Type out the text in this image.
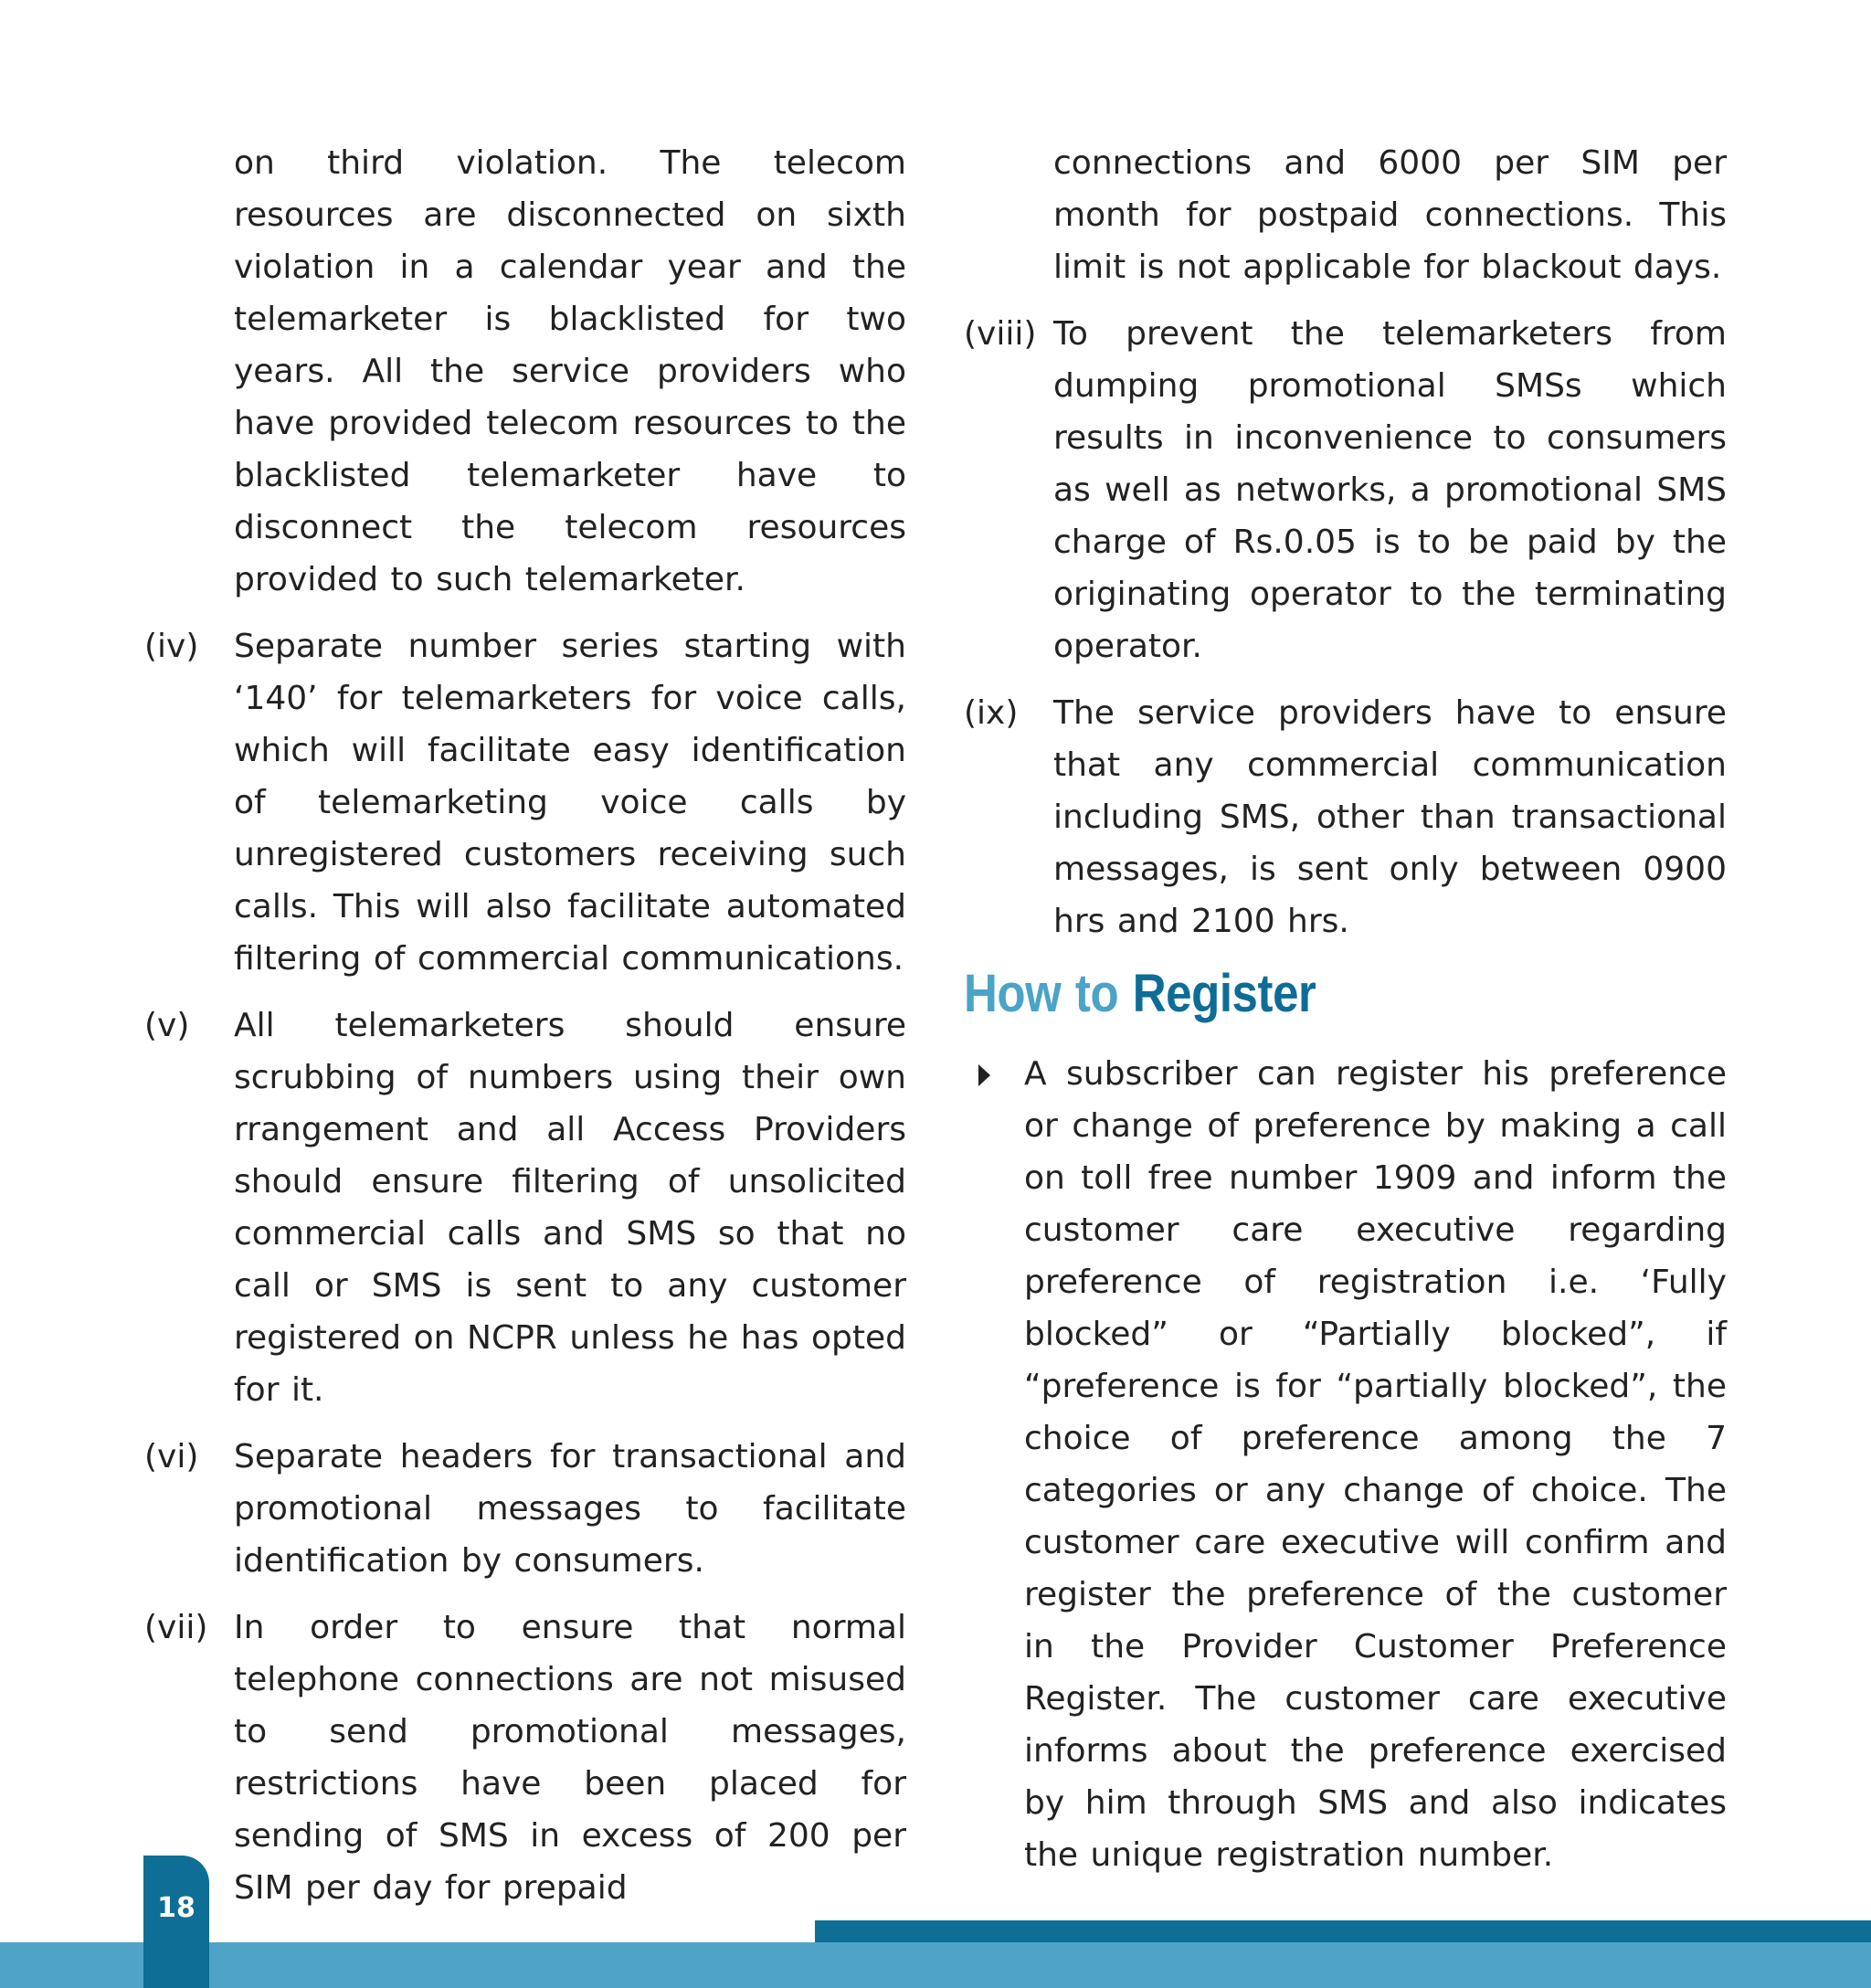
on third violation. The telecom resources are disconnected on sixth violation in a calendar year and the telemarketer is blacklisted for two years. All the service providers who have provided telecom resources to the blacklisted telemarketer have to disconnect the telecom resources provided to such telemarketer.
(iv) Separate number series starting with ‘140’ for telemarketers for voice calls, which will facilitate easy identification of telemarketing voice calls by unregistered customers receiving such calls. This will also facilitate automated filtering of commercial communications.
(v) All telemarketers should ensure scrubbing of numbers using their own rrangement and all Access Providers should ensure filtering of unsolicited commercial calls and SMS so that no call or SMS is sent to any customer registered on NCPR unless he has opted for it.
(vi) Separate headers for transactional and promotional messages to facilitate identification by consumers.
(vii) In order to ensure that normal telephone connections are not misused to send promotional messages, restrictions have been placed for sending of SMS in excess of 200 per SIM per day for prepaid
connections and 6000 per SIM per month for postpaid connections. This limit is not applicable for blackout days.
(viii) To prevent the telemarketers from dumping promotional SMSs which results in inconvenience to consumers as well as networks, a promotional SMS charge of Rs.0.05 is to be paid by the originating operator to the terminating operator.
(ix) The service providers have to ensure that any commercial communication including SMS, other than transactional messages, is sent only between 0900 hrs and 2100 hrs.
How to Register
A subscriber can register his preference or change of preference by making a call on toll free number 1909 and inform the customer care executive regarding preference of registration i.e. ‘Fully blocked” or “Partially blocked”, if “preference is for “partially blocked”, the choice of preference among the 7 categories or any change of choice. The customer care executive will confirm and register the preference of the customer in the Provider Customer Preference Register. The customer care executive informs about the preference exercised by him through SMS and also indicates the unique registration number.
18
